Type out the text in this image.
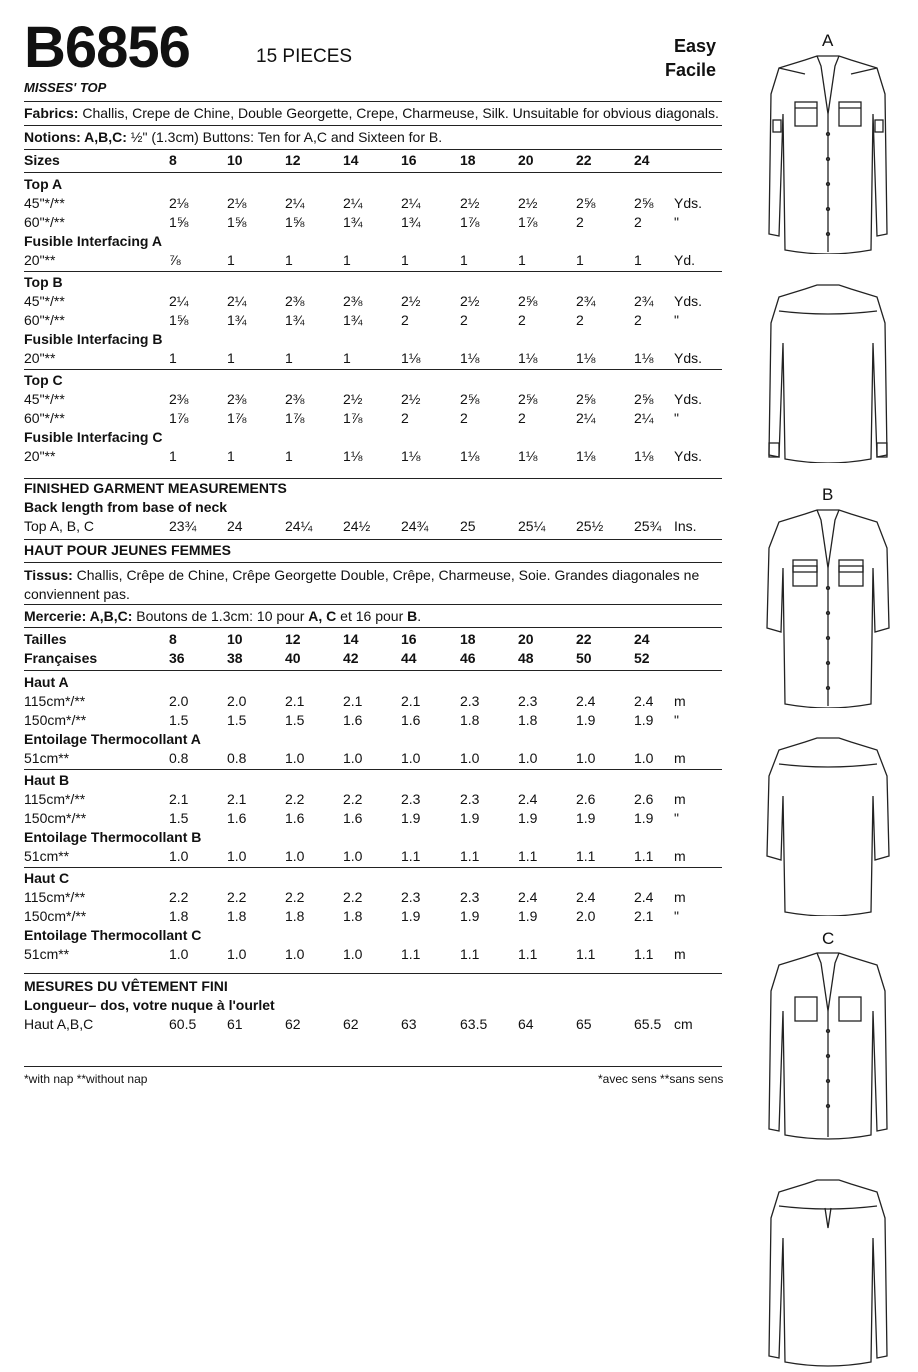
B6856	15 PIECES	Easy
Facile
MISSES' TOP
Fabrics: Challis, Crepe de Chine, Double Georgette, Crepe, Charmeuse, Silk. Unsuitable for obvious diagonals.
Notions: A,B,C: ½" (1.3cm) Buttons: Ten for A,C and Sixteen for B.
Sizes	8	10	12	14	16	18	20	22	24
Top A
45"*/**	2⅛	2⅛	2¼	2¼	2¼	2½	2½	2⅝	2⅝	Yds.
60"*/**	1⅝	1⅝	1⅝	1¾	1¾	1⅞	1⅞	2	2	"
Fusible Interfacing A
20"**	⅞	1	1	1	1	1	1	1	1	Yd.
Top B
45"*/**	2¼	2¼	2⅜	2⅜	2½	2½	2⅝	2¾	2¾	Yds.
60"*/**	1⅝	1¾	1¾	1¾	2	2	2	2	2	"
Fusible Interfacing B
20"**	1	1	1	1	1⅛	1⅛	1⅛	1⅛	1⅛	Yds.
Top C
45"*/**	2⅜	2⅜	2⅜	2½	2½	2⅝	2⅝	2⅝	2⅝	Yds.
60"*/**	1⅞	1⅞	1⅞	1⅞	2	2	2	2¼	2¼	"
Fusible Interfacing C
20"**	1	1	1	1⅛	1⅛	1⅛	1⅛	1⅛	1⅛	Yds.
FINISHED GARMENT MEASUREMENTS
Back length from base of neck
Top A, B, C	23¾	24	24¼	24½	24¾	25	25¼	25½	25¾ Ins.
HAUT POUR JEUNES FEMMES
Tissus: Challis, Crêpe de Chine, Crêpe Georgette Double, Crêpe, Charmeuse, Soie. Grandes diagonales ne conviennent pas.
Mercerie: A,B,C: Boutons de 1.3cm: 10 pour A, C et 16 pour B.
Tailles	8	10	12	14	16	18	20	22	24
Françaises	36	38	40	42	44	46	48	50	52
Haut A
115cm*/**	2.0	2.0	2.1	2.1	2.1	2.3	2.3	2.4	2.4	m
150cm*/**	1.5	1.5	1.5	1.6	1.6	1.8	1.8	1.9	1.9	"
Entoilage Thermocollant A
51cm**	0.8	0.8	1.0	1.0	1.0	1.0	1.0	1.0	1.0	m
Haut B
115cm*/**	2.1	2.1	2.2	2.2	2.3	2.3	2.4	2.6	2.6	m
150cm*/**	1.5	1.6	1.6	1.6	1.9	1.9	1.9	1.9	1.9	"
Entoilage Thermocollant B
51cm**	1.0	1.0	1.0	1.0	1.1	1.1	1.1	1.1	1.1	m
Haut C
115cm*/**	2.2	2.2	2.2	2.2	2.3	2.3	2.4	2.4	2.4	m
150cm*/**	1.8	1.8	1.8	1.8	1.9	1.9	1.9	2.0	2.1	"
Entoilage Thermocollant C
51cm**	1.0	1.0	1.0	1.0	1.1	1.1	1.1	1.1	1.1	m
MESURES DU VÊTEMENT FINI
Longueur– dos, votre nuque à l'ourlet
Haut A,B,C	60.5	61	62	62	63	63.5	64	65	65.5 cm
*with nap **without nap	*avec sens **sans sens
A
B
C
